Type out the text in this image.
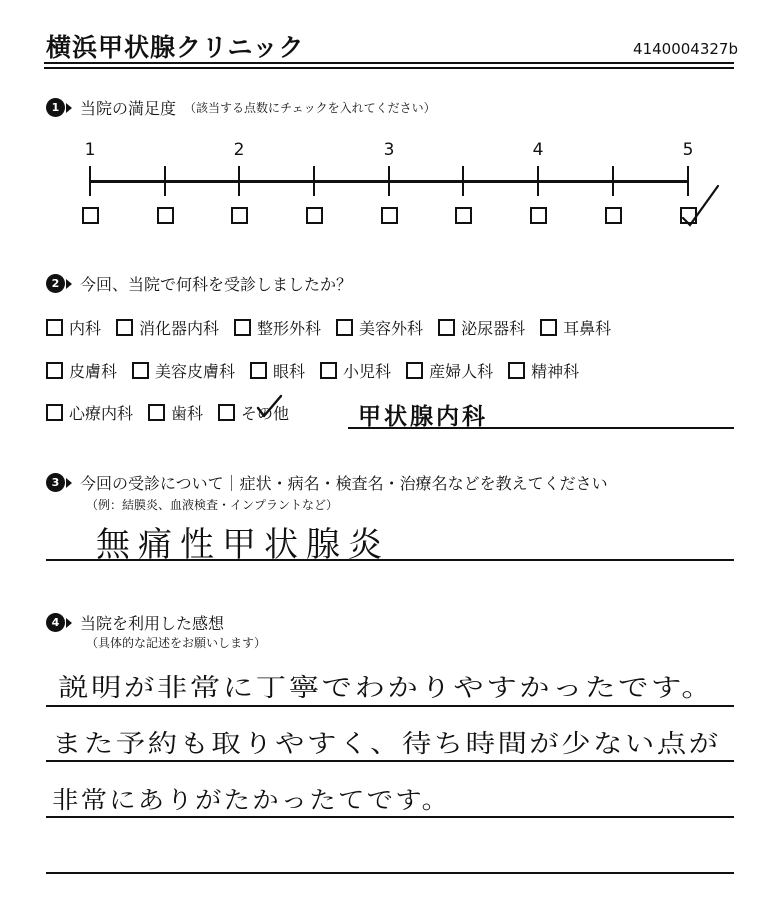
横浜甲状腺クリニック	4140004327b
1	当院の満足度 （該当する点数にチェックを入れてください）
1	2	3	4	5
2	今回、当院で何科を受診しましたか？
内科 消化器内科 整形外科 美容外科 泌尿器科 耳鼻科
皮膚科 美容皮膚科 眼科 小児科 産婦人科 精神科
心療内科 歯科 その他	甲状腺内科
3	今回の受診について｜症状・病名・検査名・治療名などを教えてください
（例：結膜炎、血液検査・インプラントなど）
無痛性甲状腺炎
4	当院を利用した感想
（具体的な記述をお願いします）
説明が非常に丁寧でわかりやすかったです。
また予約も取りやすく、待ち時間が少ない点が
非常にありがたかったてです。
